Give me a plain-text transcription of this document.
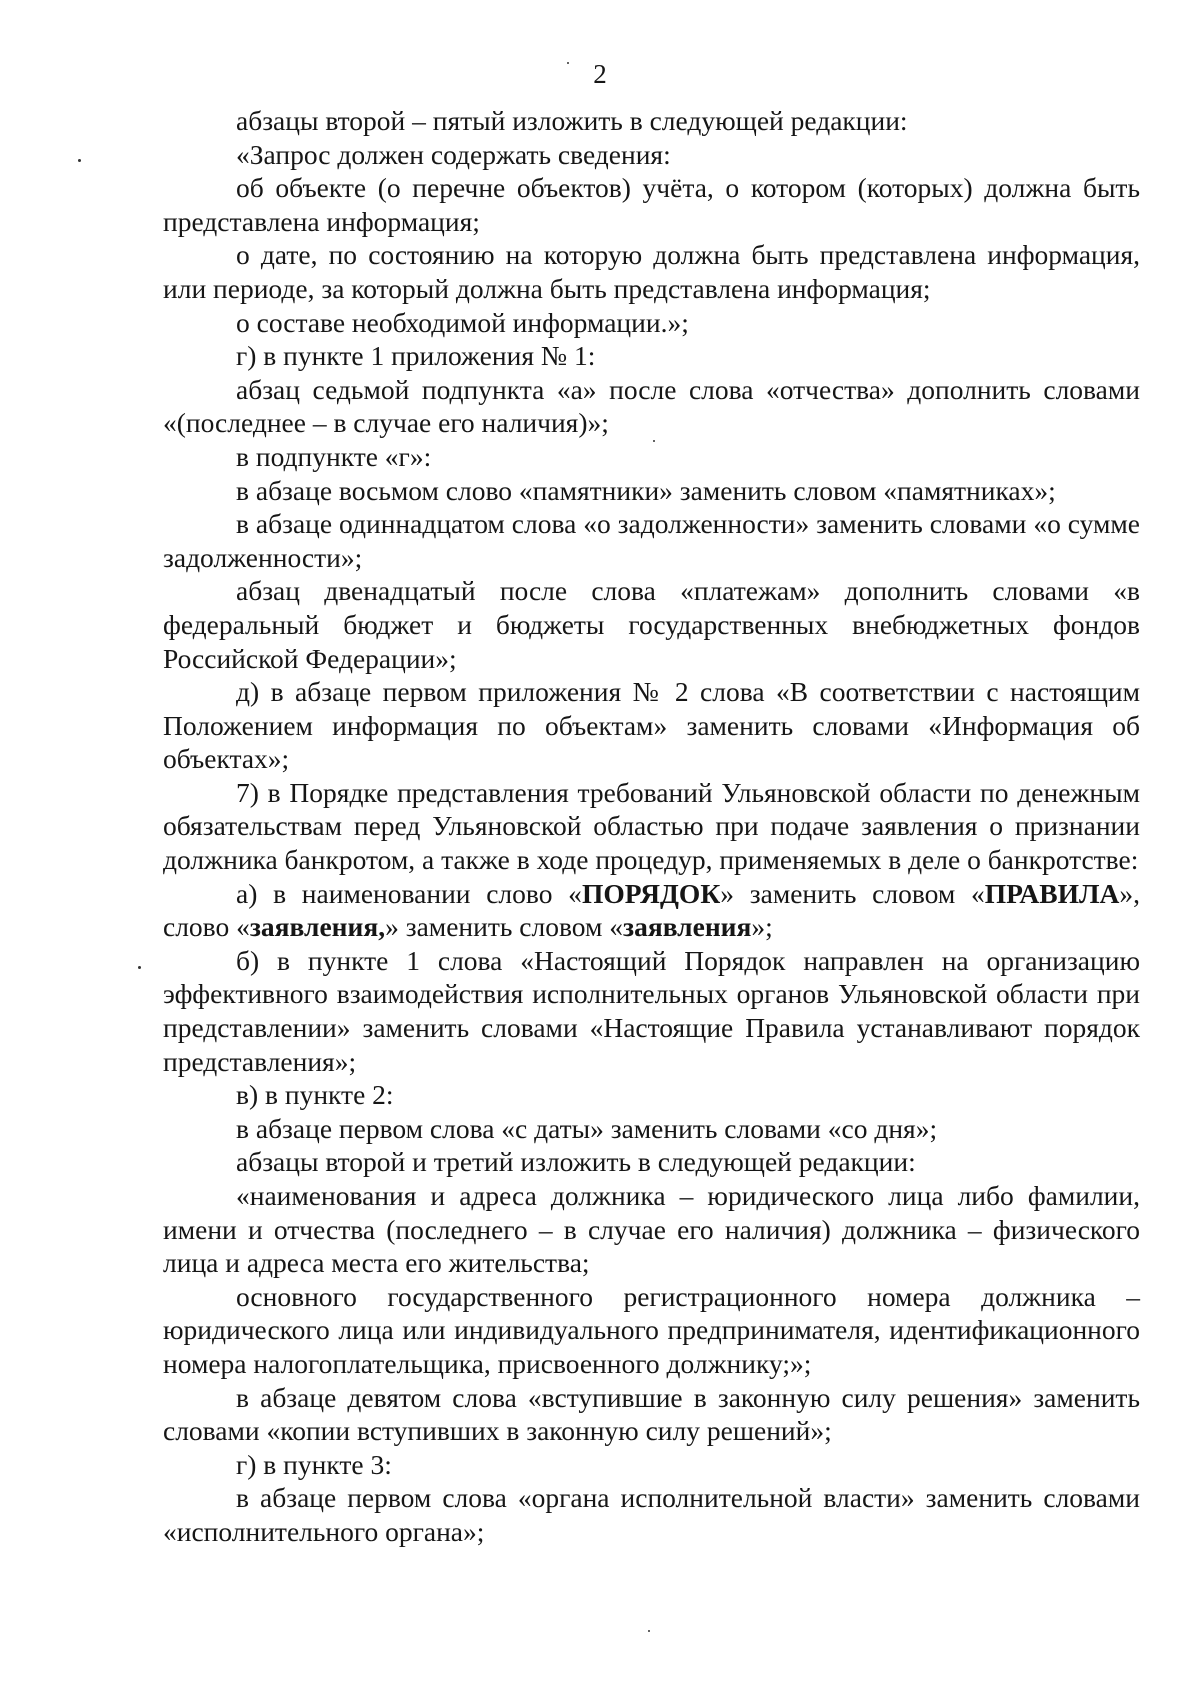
2

абзацы второй – пятый изложить в следующей редакции:

«Запрос должен содержать сведения:

об объекте (о перечне объектов) учёта, о котором (которых) должна быть представлена информация;

о дате, по состоянию на которую должна быть представлена информация, или периоде, за который должна быть представлена информация;

о составе необходимой информации.»;

г) в пункте 1 приложения № 1:

абзац седьмой подпункта «а» после слова «отчества» дополнить словами «(последнее – в случае его наличия)»;

в подпункте «г»:

в абзаце восьмом слово «памятники» заменить словом «памятниках»;

в абзаце одиннадцатом слова «о задолженности» заменить словами «о сумме задолженности»;

абзац двенадцатый после слова «платежам» дополнить словами «в федеральный бюджет и бюджеты государственных внебюджетных фондов Российской Федерации»;

д) в абзаце первом приложения № 2 слова «В соответствии с настоящим Положением информация по объектам» заменить словами «Информация об объектах»;

7) в Порядке представления требований Ульяновской области по денежным обязательствам перед Ульяновской областью при подаче заявления о признании должника банкротом, а также в ходе процедур, применяемых в деле о банкротстве:

а) в наименовании слово «ПОРЯДОК» заменить словом «ПРАВИЛА», слово «заявления,» заменить словом «заявления»;

б) в пункте 1 слова «Настоящий Порядок направлен на организацию эффективного взаимодействия исполнительных органов Ульяновской области при представлении» заменить словами «Настоящие Правила устанавливают порядок представления»;

в) в пункте 2:

в абзаце первом слова «с даты» заменить словами «со дня»;

абзацы второй и третий изложить в следующей редакции:

«наименования и адреса должника – юридического лица либо фамилии, имени и отчества (последнего – в случае его наличия) должника – физического лица и адреса места его жительства;

основного государственного регистрационного номера должника – юридического лица или индивидуального предпринимателя, идентификационного номера налогоплательщика, присвоенного должнику;»;

в абзаце девятом слова «вступившие в законную силу решения» заменить словами «копии вступивших в законную силу решений»;

г) в пункте 3:

в абзаце первом слова «органа исполнительной власти» заменить словами «исполнительного органа»;
